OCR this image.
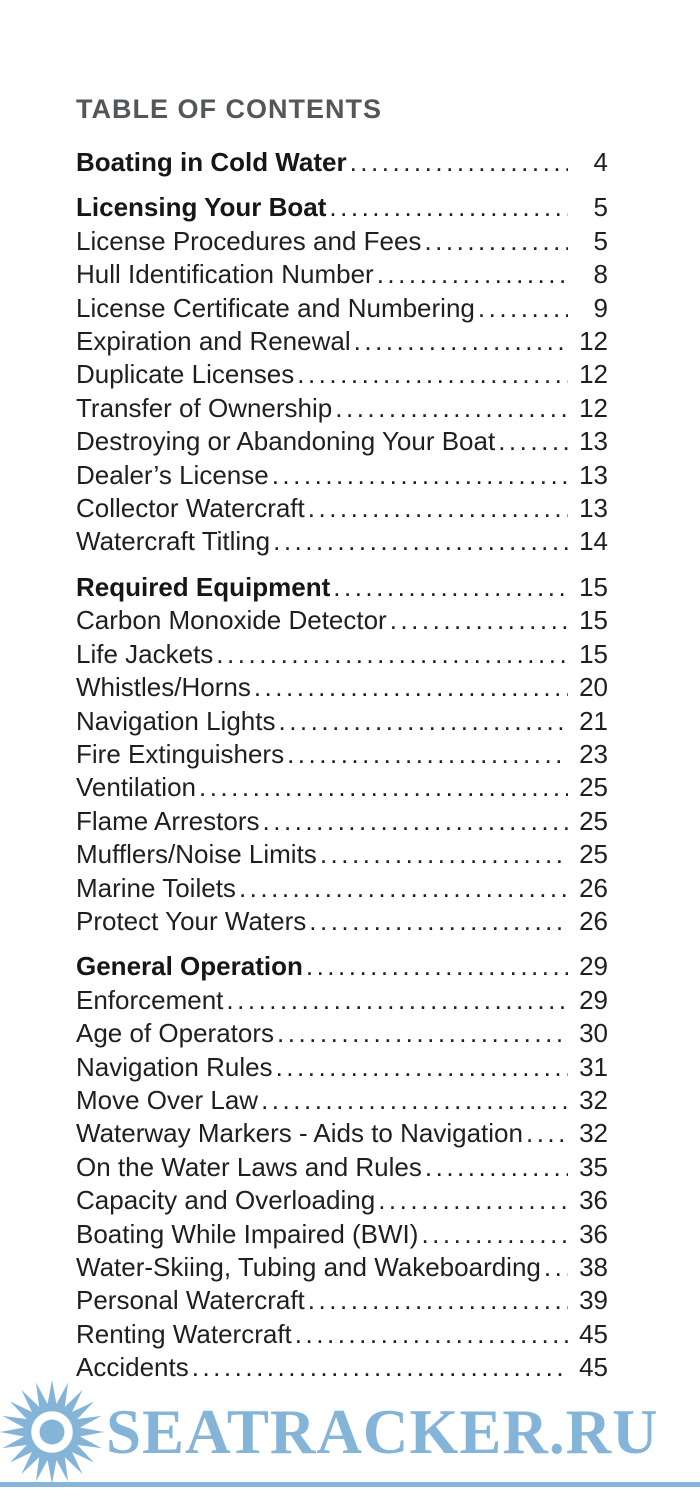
TABLE OF CONTENTS
Boating in Cold Water .....	4
Licensing Your Boat .....	5
License Procedures and Fees .....	5
Hull Identification Number .....	8
License Certificate and Numbering .....	9
Expiration and Renewal .....	12
Duplicate Licenses .....	12
Transfer of Ownership .....	12
Destroying or Abandoning Your Boat .....	13
Dealer’s License .....	13
Collector Watercraft .....	13
Watercraft Titling .....	14
Required Equipment .....	15
Carbon Monoxide Detector .....	15
Life Jackets .....	15
Whistles/Horns .....	20
Navigation Lights .....	21
Fire Extinguishers .....	23
Ventilation .....	25
Flame Arrestors .....	25
Mufflers/Noise Limits .....	25
Marine Toilets .....	26
Protect Your Waters .....	26
General Operation .....	29
Enforcement .....	29
Age of Operators .....	30
Navigation Rules .....	31
Move Over Law .....	32
Waterway Markers - Aids to Navigation ..... 32
On the Water Laws and Rules .....	35
Capacity and Overloading .....	36
Boating While Impaired (BWI) .....	36
Water-Skiing, Tubing and Wakeboarding ..... 38
Personal Watercraft .....	39
Renting Watercraft .....	45
Accidents .....	45
SEATRACKER.RU
